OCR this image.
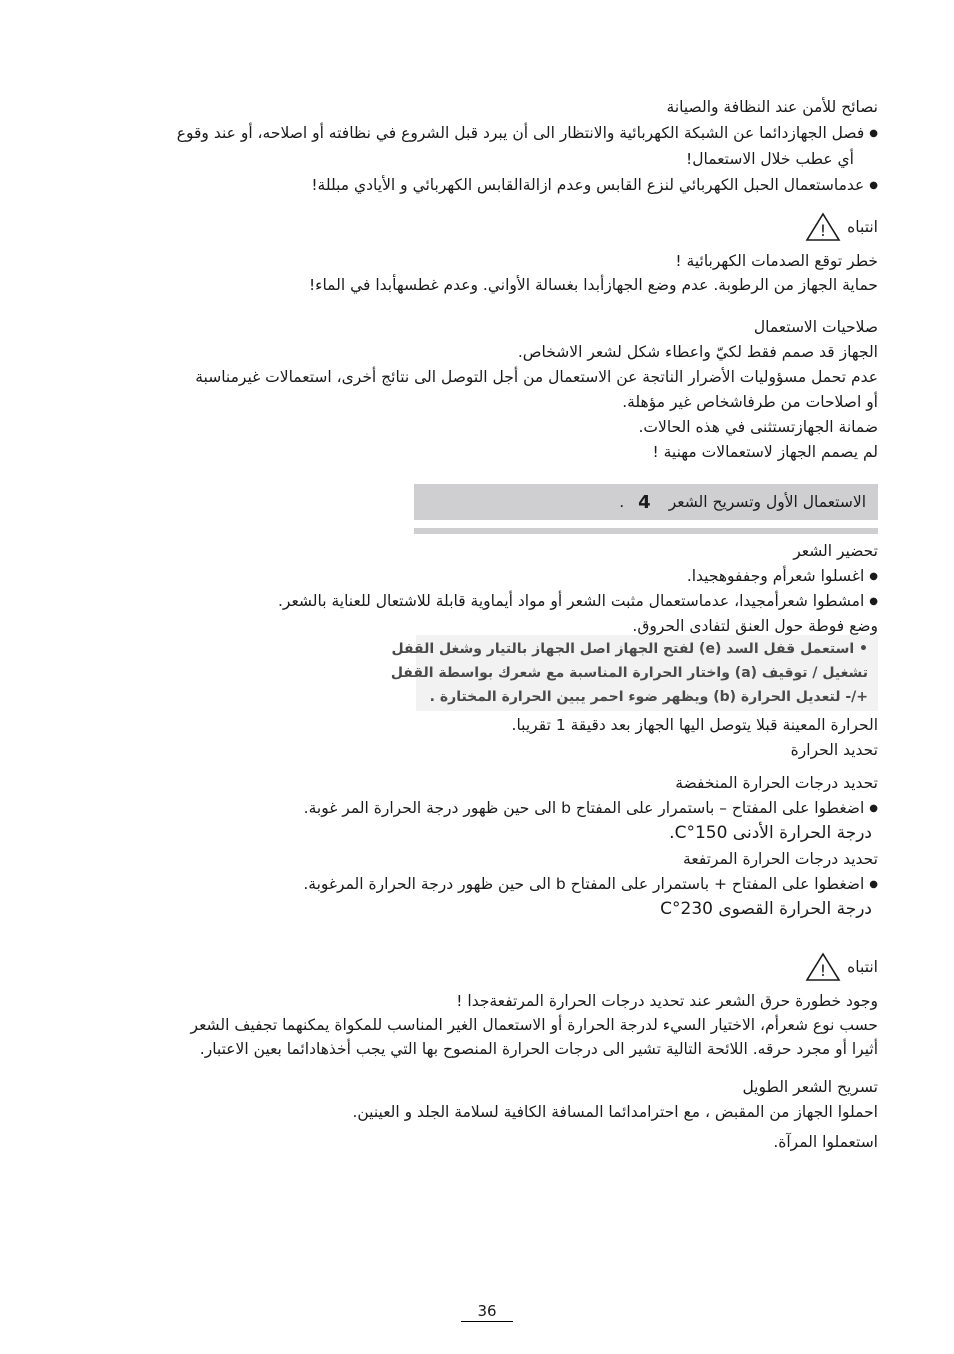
نصائح للأمن عند النظافة والصيانة
● فصل الجهازدائما عن الشبكة الكهربائية والانتظار الى أن يبرد قبل الشروع في نظافته أو اصلاحه، أو عند وقوع
أي عطب خلال الاستعمال!
● عدماستعمال الحبل الكهربائي لنزع القابس وعدم ازالةالقابس الكهربائي و الأيادي مبللة!
انتباه
!
خطر توقع الصدمات الكهربائية !
حماية الجهاز من الرطوبة. عدم وضع الجهازأبدا بغسالة الأواني. وعدم غطسهأبدا في الماء!
صلاحيات الاستعمال
الجهاز قد صمم فقط لكيّ واعطاء شكل لشعر الاشخاص.
عدم تحمل مسؤوليات الأضرار الناتجة عن الاستعمال من أجل التوصل الى نتائج أخرى، استعمالات غيرمناسبة
أو اصلاحات من طرفاشخاص غير مؤهلة.
ضمانة الجهازتستثنى في هذه الحالات.
لم يصمم الجهاز لاستعمالات مهنية !
الاستعمال الأول وتسريح الشعر
4
.
تحضير الشعر
● اغسلوا شعرأم وجففوهجيدا.
● امشطوا شعرأمجيدا، عدماستعمال مثبت الشعر أو مواد أيماوية قابلة للاشتعال للعناية بالشعر.
وضع فوطة حول العنق لتفادى الحروق.
• استعمل قفل السد (e) لفتح الجهاز اصل الجهاز بالتيار وشغل القفل
تشغيل / توقيف (a) واختار الحرارة المناسبة مع شعرك بواسطة القفل
+/- لتعديل الحرارة (b) ويظهر ضوء احمر يبين الحرارة المختارة .
الحرارة المعينة قبلا يتوصل اليها الجهاز بعد دقيقة 1 تقريبا.
تحديد الحرارة
تحديد درجات الحرارة المنخفضة
● اضغطوا على المفتاح – باستمرار على المفتاح b الى حين ظهور درجة الحرارة المر غوبة.
درجة الحرارة الأدنى 150°C.
تحديد درجات الحرارة المرتفعة
● اضغطوا على المفتاح + باستمرار على المفتاح b الى حين ظهور درجة الحرارة المرغوبة.
درجة الحرارة القصوى 230°C
انتباه
!
وجود خطورة حرق الشعر عند تحديد درجات الحرارة المرتفعةجدا !
حسب نوع شعرأم، الاختيار السيء لدرجة الحرارة أو الاستعمال الغير المناسب للمكواة يمكنهما تجفيف الشعر
أثيرا أو مجرد حرقه. اللائحة التالية تشير الى درجات الحرارة المنصوح بها التي يجب أخذهادائما بعين الاعتبار.
تسريح الشعر الطويل
احملوا الجهاز من المقبض ، مع احترامدائما المسافة الكافية لسلامة الجلد و العينين.
استعملوا المرآة.
36
